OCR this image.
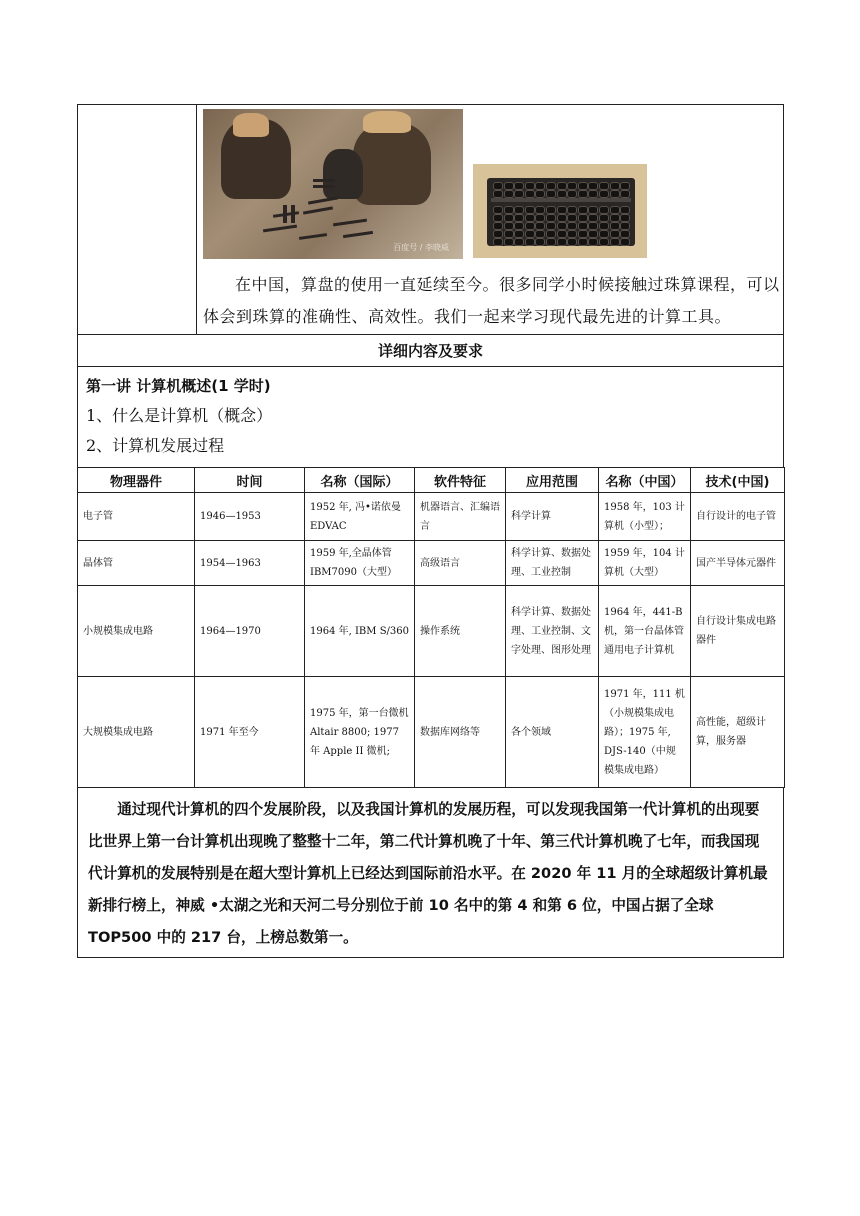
百度号 / 李晓威

在中国，算盘的使用一直延续至今。很多同学小时候接触过珠算课程，可以体会到珠算的准确性、高效性。我们一起来学习现代最先进的计算工具。

详细内容及要求
第一讲 计算机概述(1 学时)
1、什么是计算机（概念）
2、计算机发展过程
物理器件	时间	名称（国际）	软件特征	应用范围	名称（中国）	技术(中国)
电子管	1946—1953	1952 年, 冯•诺依曼 EDVAC	机器语言、汇编语言	科学计算	1958 年，103 计算机（小型）；	自行设计的电子管
晶体管	1954—1963	1959 年,全晶体管 IBM7090（大型）	高级语言	科学计算、数据处理、工业控制	1959 年，104 计算机（大型）	国产半导体元器件
小规模集成电路	1964—1970	1964 年, IBM S/360	操作系统	科学计算、数据处理、工业控制、文字处理、图形处理	1964 年，441-B 机，第一台晶体管通用电子计算机	自行设计集成电路器件
大规模集成电路	1971 年至今	1975 年，第一台微机 Altair 8800; 1977 年 Apple II 微机;	数据库网络等	各个领域	1971 年，111 机（小规模集成电路）；1975 年, DJS-140（中规模集成电路）	高性能，超级计算，服务器

通过现代计算机的四个发展阶段，以及我国计算机的发展历程，可以发现我国第一代计算机的出现要比世界上第一台计算机出现晚了整整十二年，第二代计算机晚了十年、第三代计算机晚了七年，而我国现代计算机的发展特别是在超大型计算机上已经达到国际前沿水平。在 2020 年 11 月的全球超级计算机最新排行榜上，神威 •太湖之光和天河二号分别位于前 10 名中的第 4 和第 6 位，中国占据了全球 TOP500 中的 217 台，上榜总数第一。
